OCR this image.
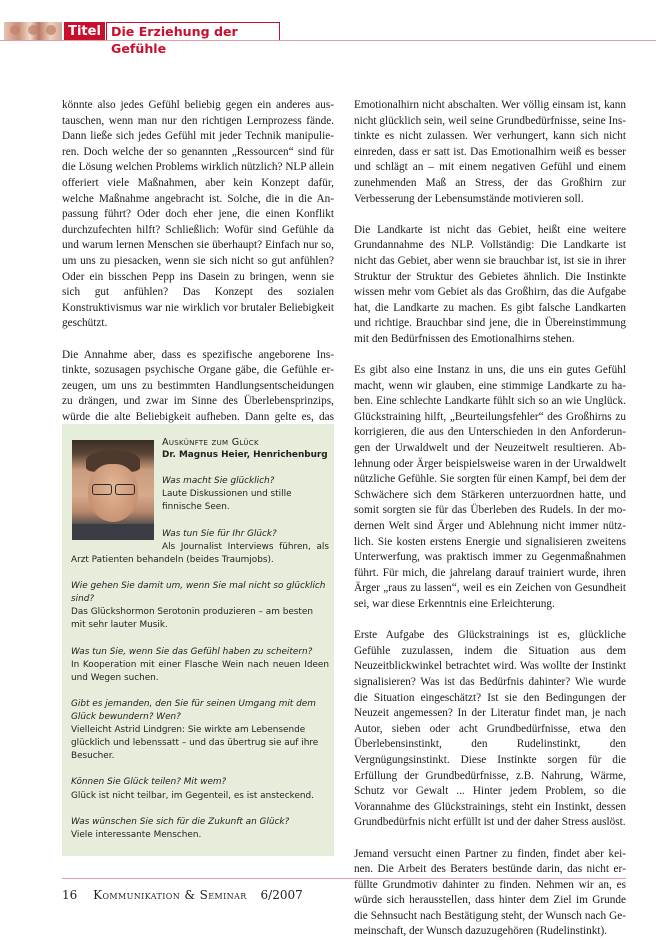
Titel Die Erziehung der Gefühle

könnte also jedes Gefühl beliebig gegen ein anderes austauschen, wenn man nur den richtigen Lernprozess fände. Dann ließe sich jedes Gefühl mit jeder Technik manipulieren. Doch welche der so genannten „Ressourcen“ sind für die Lösung welchen Problems wirklich nützlich? NLP allein offeriert viele Maßnahmen, aber kein Konzept dafür, welche Maßnahme angebracht ist. Solche, die in die Anpassung führt? Oder doch eher jene, die einen Konflikt durchzufechten hilft? Schließlich: Wofür sind Gefühle da und warum lernen Menschen sie überhaupt? Einfach nur so, um uns zu piesacken, wenn sie sich nicht so gut anfühlen? Oder ein bisschen Pepp ins Dasein zu bringen, wenn sie sich gut anfühlen? Das Konzept des sozialen Konstruktivismus war nie wirklich vor brutaler Beliebigkeit geschützt.

Die Annahme aber, dass es spezifische angeborene Instinkte, sozusagen psychische Organe gäbe, die Gefühle erzeugen, um uns zu bestimmten Handlungsentscheidungen zu drängen, und zwar im Sinne des Überlebensprinzips, würde die alte Beliebigkeit aufheben. Dann gelte es, das

Auskünfte zum Glück
Dr. Magnus Heier, Henrichenburg
Was macht Sie glücklich?
Laute Diskussionen und stille finnische Seen.
Was tun Sie für Ihr Glück?
Als Journalist Interviews führen, als Arzt Patienten behandeln (beides Traumjobs).
Wie gehen Sie damit um, wenn Sie mal nicht so glücklich sind?
Das Glückshormon Serotonin produzieren – am besten mit sehr lauter Musik.
Was tun Sie, wenn Sie das Gefühl haben zu scheitern?
In Kooperation mit einer Flasche Wein nach neuen Ideen und Wegen suchen.
Gibt es jemanden, den Sie für seinen Umgang mit dem Glück bewundern? Wen?
Vielleicht Astrid Lindgren: Sie wirkte am Lebensende glücklich und lebenssatt – und das übertrug sie auf ihre Besucher.
Können Sie Glück teilen? Mit wem?
Glück ist nicht teilbar, im Gegenteil, es ist ansteckend.
Was wünschen Sie sich für die Zukunft an Glück?
Viele interessante Menschen.

Emotionalhirn nicht abschalten. Wer völlig einsam ist, kann nicht glücklich sein, weil seine Grundbedürfnisse, seine Instinkte es nicht zulassen. Wer verhungert, kann sich nicht einreden, dass er satt ist. Das Emotionalhirn weiß es besser und schlägt an – mit einem negativen Gefühl und einem zunehmenden Maß an Stress, der das Großhirn zur Verbesserung der Lebensumstände motivieren soll.

Die Landkarte ist nicht das Gebiet, heißt eine weitere Grundannahme des NLP. Vollständig: Die Landkarte ist nicht das Gebiet, aber wenn sie brauchbar ist, ist sie in ihrer Struktur der Struktur des Gebietes ähnlich. Die Instinkte wissen mehr vom Gebiet als das Großhirn, das die Aufgabe hat, die Landkarte zu machen. Es gibt falsche Landkarten und richtige. Brauchbar sind jene, die in Übereinstimmung mit den Bedürfnissen des Emotionalhirns stehen.

Es gibt also eine Instanz in uns, die uns ein gutes Gefühl macht, wenn wir glauben, eine stimmige Landkarte zu haben. Eine schlechte Landkarte fühlt sich so an wie Unglück. Glückstraining hilft, „Beurteilungsfehler“ des Großhirns zu korrigieren, die aus den Unterschieden in den Anforderungen der Urwaldwelt und der Neuzeitwelt resultieren. Ablehnung oder Ärger beispielsweise waren in der Urwaldwelt nützliche Gefühle. Sie sorgten für einen Kampf, bei dem der Schwächere sich dem Stärkeren unterzuordnen hatte, und somit sorgten sie für das Überleben des Rudels. In der modernen Welt sind Ärger und Ablehnung nicht immer nützlich. Sie kosten erstens Energie und signalisieren zweitens Unterwerfung, was praktisch immer zu Gegenmaßnahmen führt. Für mich, die jahrelang darauf trainiert wurde, ihren Ärger „raus zu lassen“, weil es ein Zeichen von Gesundheit sei, war diese Erkenntnis eine Erleichterung.

Erste Aufgabe des Glückstrainings ist es, glückliche Gefühle zuzulassen, indem die Situation aus dem Neuzeitblickwinkel betrachtet wird. Was wollte der Instinkt signalisieren? Was ist das Bedürfnis dahinter? Wie wurde die Situation eingeschätzt? Ist sie den Bedingungen der Neuzeit angemessen? In der Literatur findet man, je nach Autor, sieben oder acht Grundbedürfnisse, etwa den Überlebensinstinkt, den Rudelinstinkt, den Vergnügungsinstinkt. Diese Instinkte sorgen für die Erfüllung der Grundbedürfnisse, z.B. Nahrung, Wärme, Schutz vor Gewalt ... Hinter jedem Problem, so die Vorannahme des Glückstrainings, steht ein Instinkt, dessen Grundbedürfnis nicht erfüllt ist und der daher Stress auslöst.

Jemand versucht einen Partner zu finden, findet aber keinen. Die Arbeit des Beraters bestünde darin, das nicht erfüllte Grundmotiv dahinter zu finden. Nehmen wir an, es würde sich herausstellen, dass hinter dem Ziel im Grunde die Sehnsucht nach Bestätigung steht, der Wunsch nach Gemeinschaft, der Wunsch dazuzugehören (Rudelinstinkt).

16 Kommunikation & Seminar 6/2007
